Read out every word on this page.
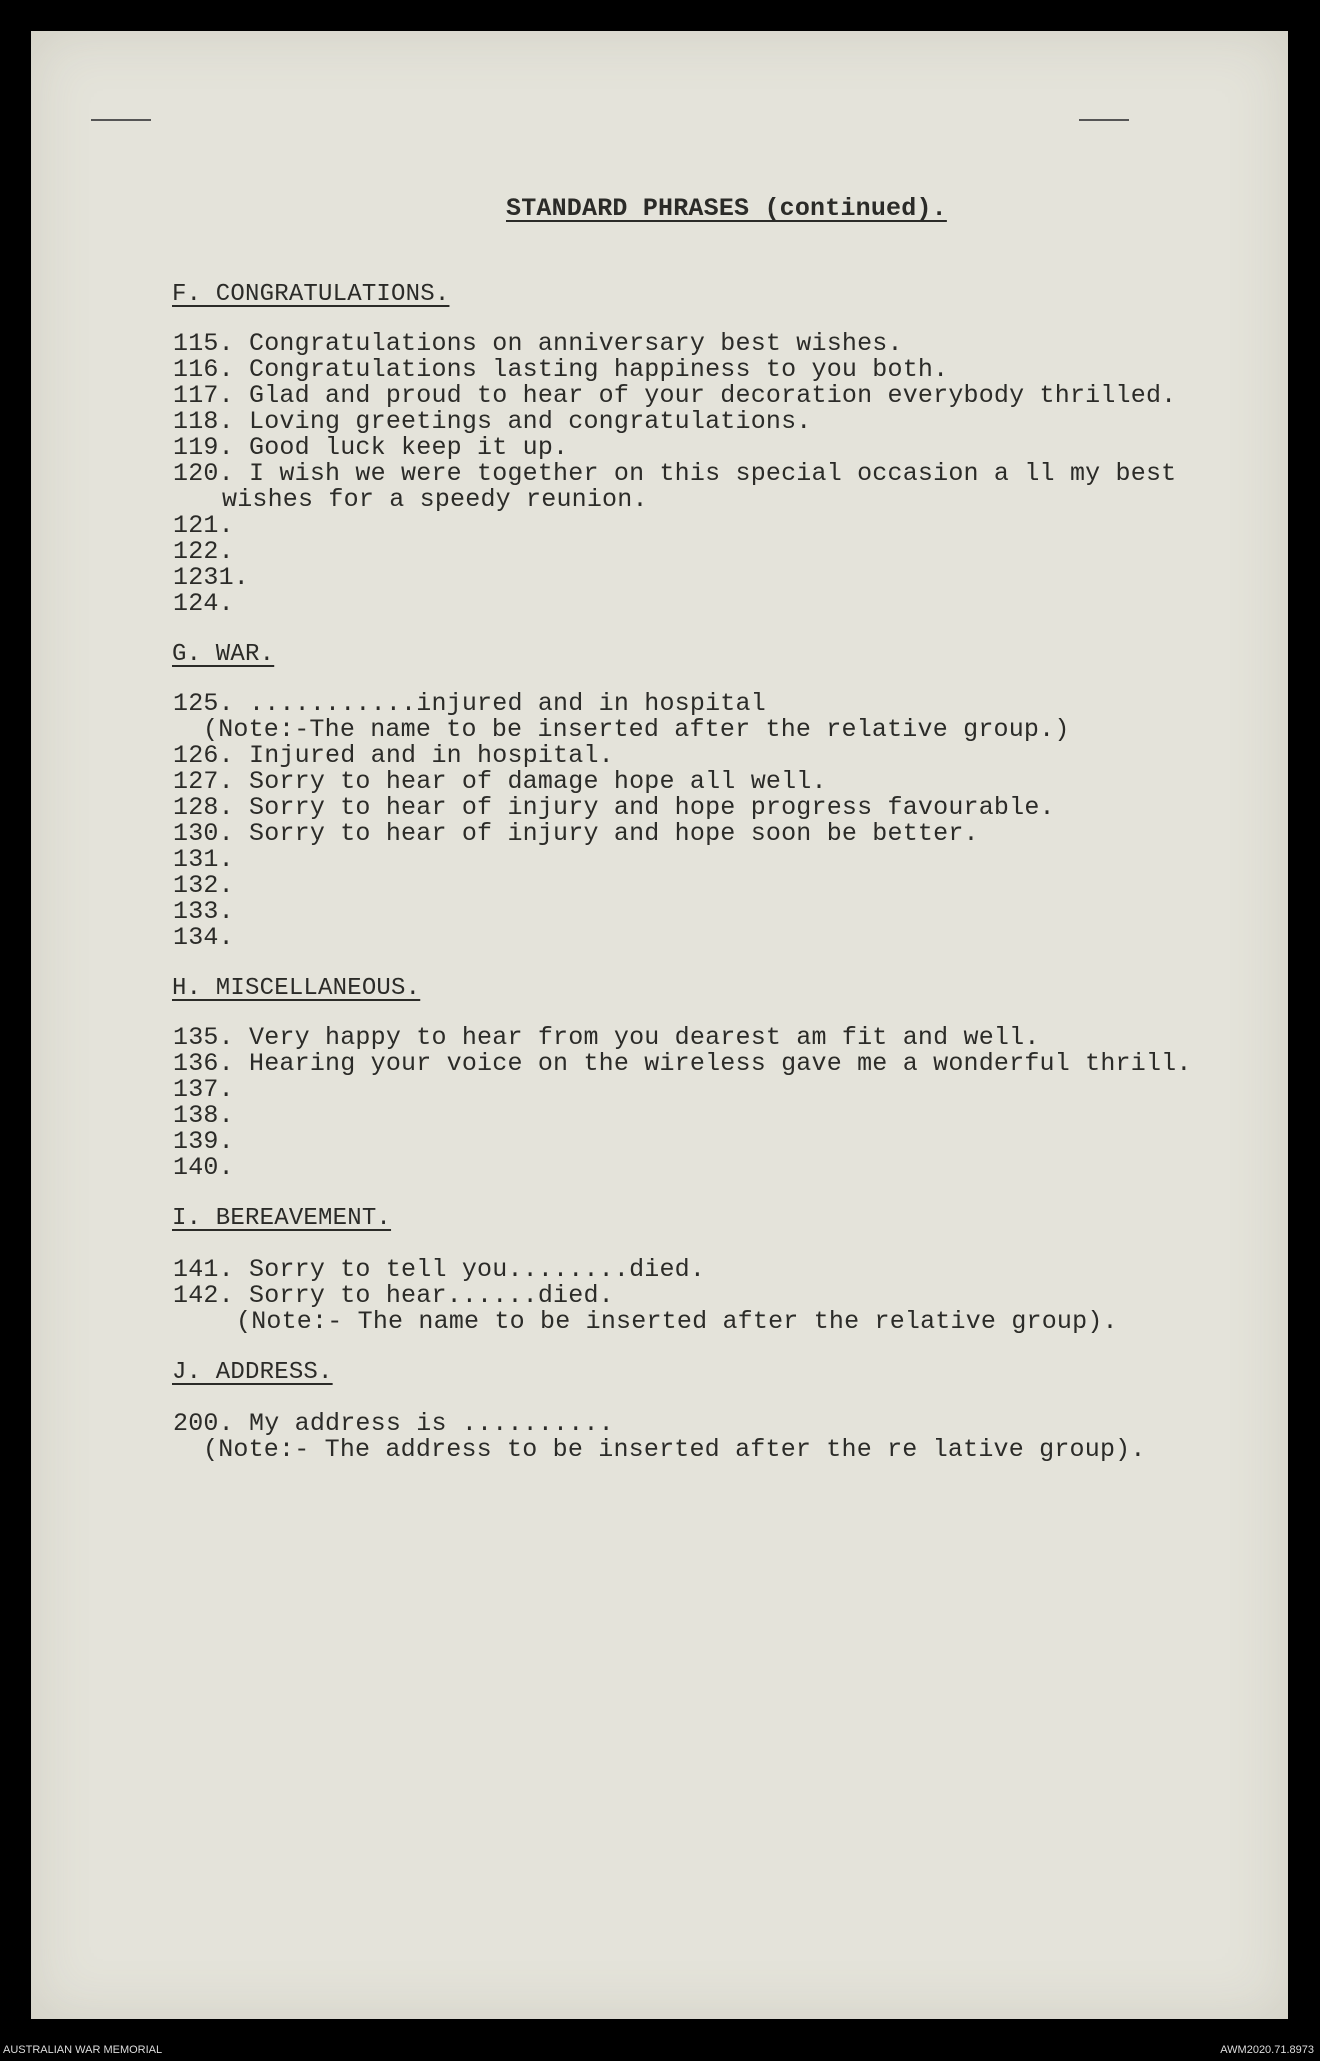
STANDARD PHRASES (continued).
F. CONGRATULATIONS.
115. Congratulations on anniversary best wishes.
116. Congratulations lasting happiness to you both.
117. Glad and proud to hear of your decoration everybody thrilled.
118. Loving greetings and congratulations.
119. Good luck keep it up.
120. I wish we were together on this special occasion a ll my best
wishes for a speedy reunion.
121.
122.
1231.
124.
G. WAR.
125. ...........injured and in hospital
(Note:-The name to be inserted after the relative group.)
126. Injured and in hospital.
127. Sorry to hear of damage hope all well.
128. Sorry to hear of injury and hope progress favourable.
130. Sorry to hear of injury and hope soon be better.
131.
132.
133.
134.
H. MISCELLANEOUS.
135. Very happy to hear from you dearest am fit and well.
136. Hearing your voice on the wireless gave me a wonderful thrill.
137.
138.
139.
140.
I. BEREAVEMENT.
141. Sorry to tell you........died.
142. Sorry to hear......died.
(Note:- The name to be inserted after the relative group).
J. ADDRESS.
200. My address is ..........
(Note:- The address to be inserted after the re lative group).
AUSTRALIAN WAR MEMORIAL	AWM2020.71.8973
